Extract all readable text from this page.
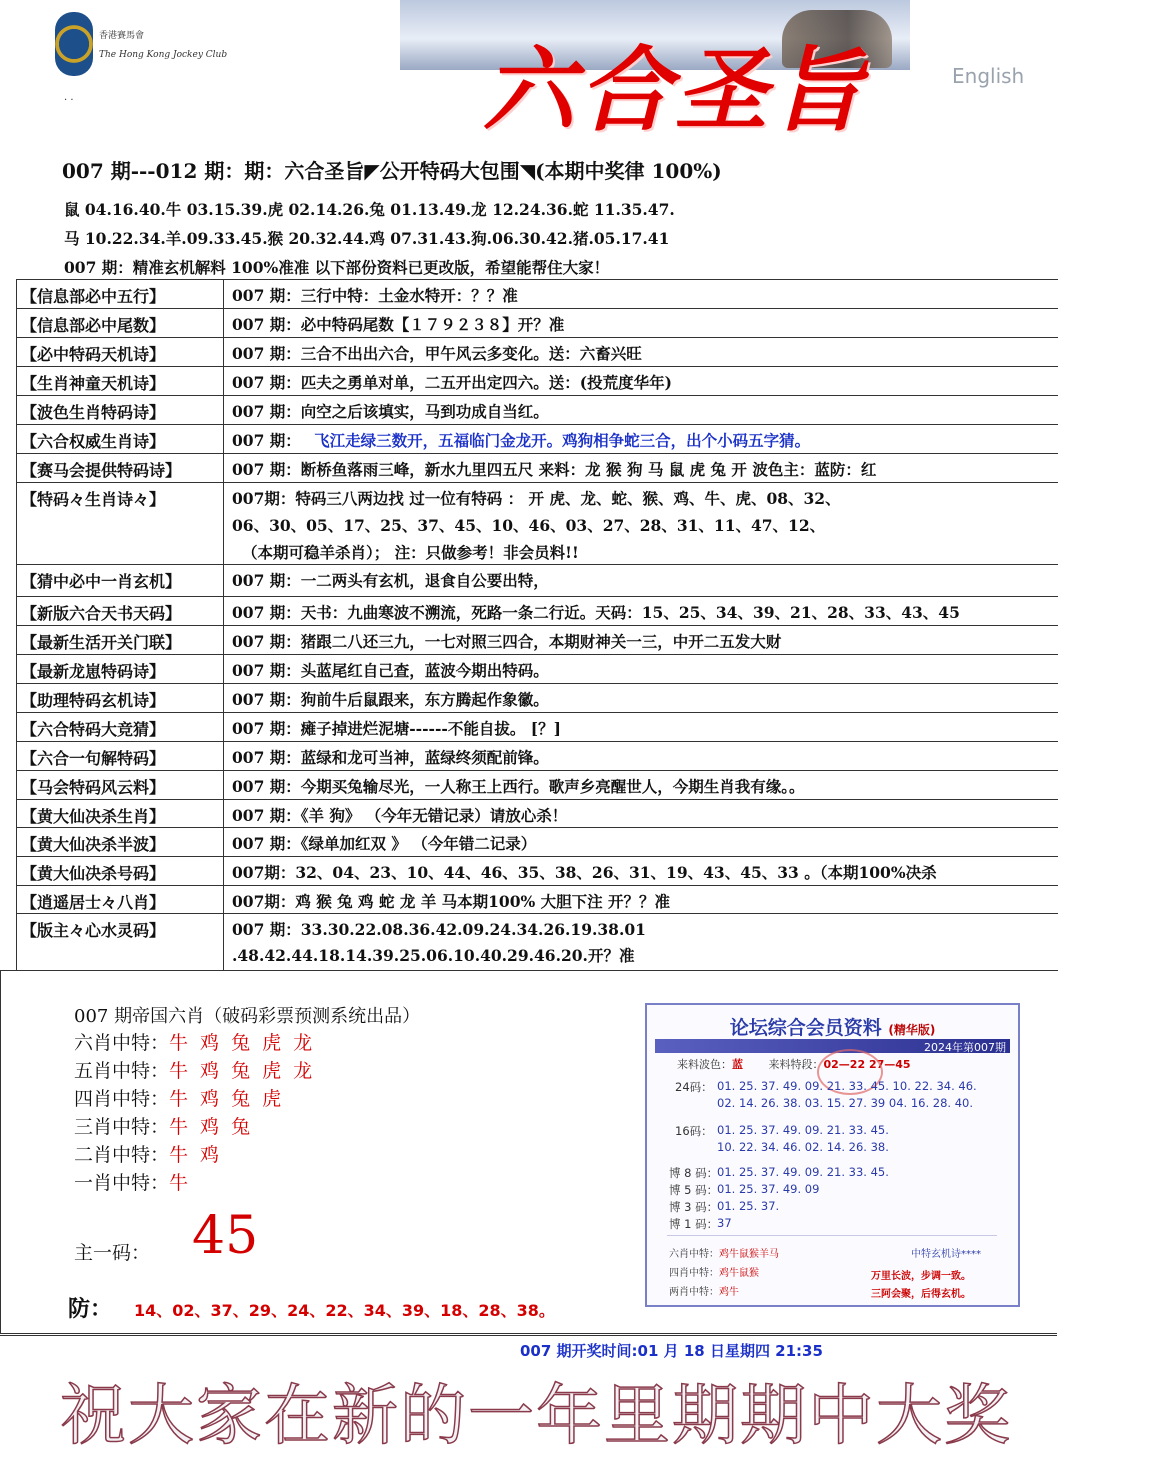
香港賽馬會
The Hong Kong Jockey Club
· ·	六合圣旨	English
007 期---012 期：期：六合圣旨◤公开特码大包围◥(本期中奖律 100%)
鼠 04.16.40.牛 03.15.39.虎 02.14.26.兔 01.13.49.龙 12.24.36.蛇 11.35.47.
马 10.22.34.羊.09.33.45.猴 20.32.44.鸡 07.31.43.狗.06.30.42.猪.05.17.41
007 期：精准玄机解料 100%准准 以下部份资料已更改版，希望能帮住大家！
【信息部必中五行】	007 期：三行中特：土金水特开：？？准
【信息部必中尾数】	007 期：必中特码尾数【１７９２３８】开？准
【必中特码天机诗】	007 期：三合不出出六合，甲午风云多变化。送：六畜兴旺
【生肖神童天机诗】	007 期：匹夫之勇单对单，二五开出定四六。送：(投荒度华年)
【波色生肖特码诗】	007 期：向空之后该填实，马到功成自当红。
【六合权威生肖诗】	007 期： 飞江走绿三数开，五福临门金龙开。鸡狗相争蛇三合，出个小码五字猜。
【赛马会提供特码诗】	007 期：断桥鱼落雨三峰，新水九里四五尺 来料：龙 猴 狗 马 鼠 虎 兔 开 波色主：蓝防：红
【特码々生肖诗々】	007期：特码三八两边找 过一位有特码 ： 开 虎、龙、蛇、猴、鸡、牛、虎、08、32、
06、30、05、17、25、37、45、10、46、03、27、28、31、11、47、12、
（本期可稳羊杀肖）； 注：只做参考！非会员料!!
【猜中必中一肖玄机】	007 期：一二两头有玄机，退食自公要出特，
【新版六合天书天码】	007 期：天书：九曲寒波不溯流，死路一条二行近。天码：15、25、34、39、21、28、33、43、45
【最新生活开关门联】	007 期：猪跟二八还三九，一七对照三四合，本期财神关一三，中开二五发大财
【最新龙崽特码诗】	007 期：头蓝尾红自己查，蓝波今期出特码。
【助理特码玄机诗】	007 期：狗前牛后鼠跟来，东方腾起作象徽。
【六合特码大竞猜】	007 期：瘫子掉进烂泥塘------不能自拔。 [？]
【六合一句解特码】	007 期：蓝绿和龙可当神，蓝绿终须配前锋。
【马会特码风云料】	007 期：今期买兔输尽光，一人称王上西行。歌声乡亮醒世人，今期生肖我有缘。。
【黄大仙决杀生肖】	007 期：《羊 狗》 （今年无错记录）请放心杀！
【黄大仙决杀半波】	007 期：《绿单加红双 》 （今年错二记录）
【黄大仙决杀号码】	007期：32、04、23、10、44、46、35、38、26、31、19、43、45、33 。（本期100%决杀
【逍遥居士々八肖】	007期：鸡 猴 兔 鸡 蛇 龙 羊 马本期100% 大胆下注 开？？准
【版主々心水灵码】	007 期：33.30.22.08.36.42.09.24.34.26.19.38.01
.48.42.44.18.14.39.25.06.10.40.29.46.20.开？准
007 期帝国六肖（破码彩票预测系统出品）
六肖中特：牛 鸡 兔 虎 龙
五肖中特：牛 鸡 兔 虎 龙
四肖中特：牛 鸡 兔 虎
三肖中特：牛 鸡 兔
二肖中特：牛 鸡
一肖中特：牛
主一码： 45
防： 14、02、37、29、24、22、34、39、18、28、38。
论坛综合会员资料 (精华版)
2024年第007期
来料波色：蓝 来料特段：02—22 27—45
24码： 01. 25. 37. 49. 09. 21. 33. 45. 10. 22. 34. 46.
02. 14. 26. 38. 03. 15. 27. 39 04. 16. 28. 40.
16码： 01. 25. 37. 49. 09. 21. 33. 45.
10. 22. 34. 46. 02. 14. 26. 38.
博 8 码：
01. 25. 37. 49. 09. 21. 33. 45.
博 5 码：
01. 25. 37. 49. 09
博 3 码：
01. 25. 37.
博 1 码：
37
六肖中特：鸡牛鼠猴羊马
四肖中特：鸡牛鼠猴
两肖中特：鸡牛
中特玄机诗****
万里长波，步调一致。
三阿会聚，后得玄机。
007 期开奖时间:01 月 18 日星期四 21:35
祝大家在新的一年里期期中大奖
